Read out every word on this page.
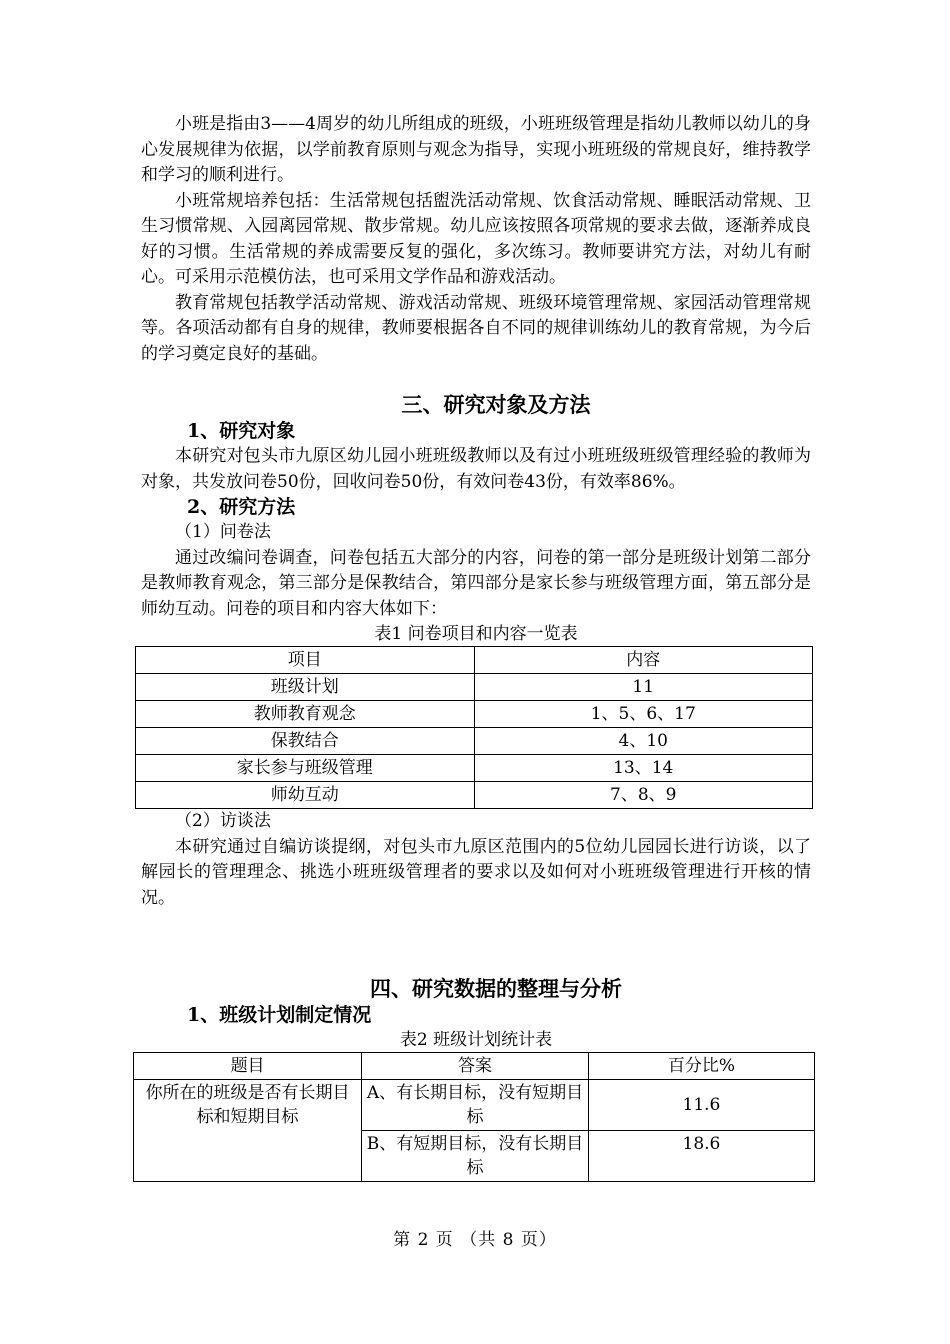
小班是指由3——4周岁的幼儿所组成的班级，小班班级管理是指幼儿教师以幼儿的身心发展规律为依据，以学前教育原则与观念为指导，实现小班班级的常规良好，维持教学和学习的顺利进行。

小班常规培养包括：生活常规包括盥洗活动常规、饮食活动常规、睡眠活动常规、卫生习惯常规、入园离园常规、散步常规。幼儿应该按照各项常规的要求去做，逐渐养成良好的习惯。生活常规的养成需要反复的强化，多次练习。教师要讲究方法，对幼儿有耐心。可采用示范模仿法，也可采用文学作品和游戏活动。

教育常规包括教学活动常规、游戏活动常规、班级环境管理常规、家园活动管理常规等。各项活动都有自身的规律，教师要根据各自不同的规律训练幼儿的教育常规，为今后的学习奠定良好的基础。

三、研究对象及方法
1、研究对象

本研究对包头市九原区幼儿园小班班级教师以及有过小班班级班级管理经验的教师为对象，共发放问卷50份，回收问卷50份，有效问卷43份，有效率86%。

2、研究方法
（1）问卷法

通过改编问卷调查，问卷包括五大部分的内容，问卷的第一部分是班级计划第二部分是教师教育观念，第三部分是保教结合，第四部分是家长参与班级管理方面，第五部分是师幼互动。问卷的项目和内容大体如下：

表1 问卷项目和内容一览表
项目	内容
班级计划	11
教师教育观念	1、5、6、17
保教结合	4、10
家长参与班级管理	13、14
师幼互动	7、8、9
（2）访谈法

本研究通过自编访谈提纲，对包头市九原区范围内的5位幼儿园园长进行访谈，以了解园长的管理理念、挑选小班班级管理者的要求以及如何对小班班级管理进行开核的情况。

四、研究数据的整理与分析
1、班级计划制定情况
表2 班级计划统计表
题目	答案	百分比%
你所在的班级是否有长期目标和短期目标	A、有长期目标，没有短期目标	11.6
	B、有短期目标，没有长期目标	18.6
第 2 页 （共 8 页）
